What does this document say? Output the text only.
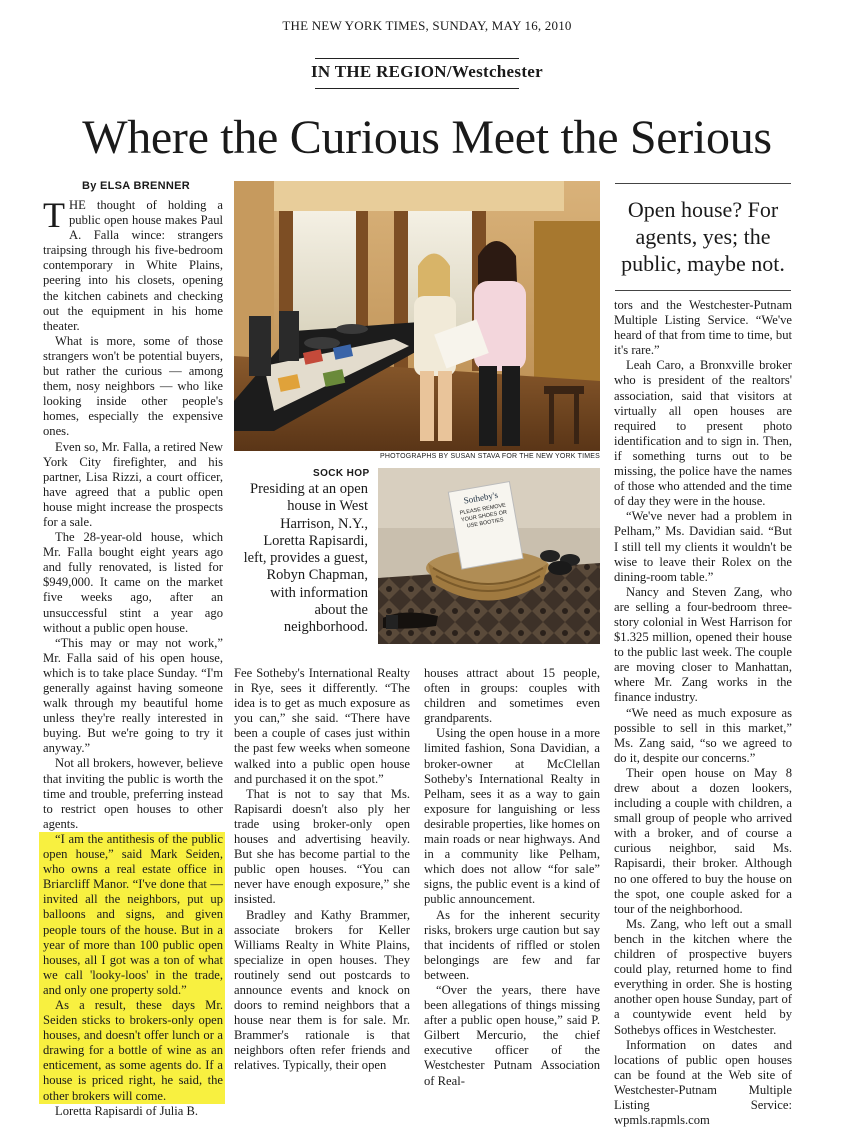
THE NEW YORK TIMES, SUNDAY, MAY 16, 2010
IN THE REGION/Westchester
Where the Curious Meet the Serious
By ELSA BRENNER

THE thought of holding a public open house makes Paul A. Falla wince: strangers traipsing through his five-bedroom contemporary in White Plains, peering into his closets, opening the kitchen cabinets and checking out the equipment in his home theater.

What is more, some of those strangers won't be potential buyers, but rather the curious — among them, nosy neighbors — who like looking inside other people's homes, especially the expensive ones.

Even so, Mr. Falla, a retired New York City firefighter, and his partner, Lisa Rizzi, a court officer, have agreed that a public open house might increase the prospects for a sale.

The 28-year-old house, which Mr. Falla bought eight years ago and fully renovated, is listed for $949,000. It came on the market five weeks ago, after an unsuccessful stint a year ago without a public open house.

“This may or may not work,” Mr. Falla said of his open house, which is to take place Sunday. “I'm generally against having someone walk through my beautiful home unless they're really interested in buying. But we're going to try it anyway.”

Not all brokers, however, believe that inviting the public is worth the time and trouble, preferring instead to restrict open houses to other agents.

“I am the antithesis of the public open house,” said Mark Seiden, who owns a real estate office in Briarcliff Manor. “I've done that — invited all the neighbors, put up balloons and signs, and given people tours of the house. But in a year of more than 100 public open houses, all I got was a ton of what we call 'looky-loos' in the trade, and only one property sold.”

As a result, these days Mr. Seiden sticks to brokers-only open houses, and doesn't offer lunch or a drawing for a bottle of wine as an enticement, as some agents do. If a house is priced right, he said, the other brokers will come.

Loretta Rapisardi of Julia B.

PHOTOGRAPHS BY SUSAN STAVA FOR THE NEW YORK TIMES
SOCK HOP
Presiding at an open house in West Harrison, N.Y., Loretta Rapisardi, left, provides a guest, Robyn Chapman, with information about the neighborhood.
Sotheby's
PLEASE REMOVE YOUR SHOES OR USE BOOTIES
Open house? For agents, yes; the public, maybe not.

tors and the Westchester-Putnam Multiple Listing Service. “We've heard of that from time to time, but it's rare.”

Leah Caro, a Bronxville broker who is president of the realtors' association, said that visitors at virtually all open houses are required to present photo identification and to sign in. Then, if something turns out to be missing, the police have the names of those who attended and the time of day they were in the house.

“We've never had a problem in Pelham,” Ms. Davidian said. “But I still tell my clients it wouldn't be wise to leave their Rolex on the dining-room table.”

Nancy and Steven Zang, who are selling a four-bedroom three-story colonial in West Harrison for $1.325 million, opened their house to the public last week. The couple are moving closer to Manhattan, where Mr. Zang works in the finance industry.

“We need as much exposure as possible to sell in this market,” Ms. Zang said, “so we agreed to do it, despite our concerns.”

Their open house on May 8 drew about a dozen lookers, including a couple with children, a small group of people who arrived with a broker, and of course a curious neighbor, said Ms. Rapisardi, their broker. Although no one offered to buy the house on the spot, one couple asked for a tour of the neighborhood.

Ms. Zang, who left out a small bench in the kitchen where the children of prospective buyers could play, returned home to find everything in order. She is hosting another open house Sunday, part of a countywide event held by Sothebys offices in Westchester.

Information on dates and locations of public open houses can be found at the Web site of Westchester-Putnam Multiple Listing Service: wpmls.rapmls.com

Fee Sotheby's International Realty in Rye, sees it differently. “The idea is to get as much exposure as you can,” she said. “There have been a couple of cases just within the past few weeks when someone walked into a public open house and purchased it on the spot.”

That is not to say that Ms. Rapisardi doesn't also ply her trade using broker-only open houses and advertising heavily. But she has become partial to the public open houses. “You can never have enough exposure,” she insisted.

Bradley and Kathy Brammer, associate brokers for Keller Williams Realty in White Plains, specialize in open houses. They routinely send out postcards to announce events and knock on doors to remind neighbors that a house near them is for sale. Mr. Brammer's rationale is that neighbors often refer friends and relatives. Typically, their open

houses attract about 15 people, often in groups: couples with children and sometimes even grandparents.

Using the open house in a more limited fashion, Sona Davidian, a broker-owner at McClellan Sotheby's International Realty in Pelham, sees it as a way to gain exposure for languishing or less desirable properties, like homes on main roads or near highways. And in a community like Pelham, which does not allow “for sale” signs, the public event is a kind of public announcement.

As for the inherent security risks, brokers urge caution but say that incidents of riffled or stolen belongings are few and far between.

“Over the years, there have been allegations of things missing after a public open house,” said P. Gilbert Mercurio, the chief executive officer of the Westchester Putnam Association of Real-
